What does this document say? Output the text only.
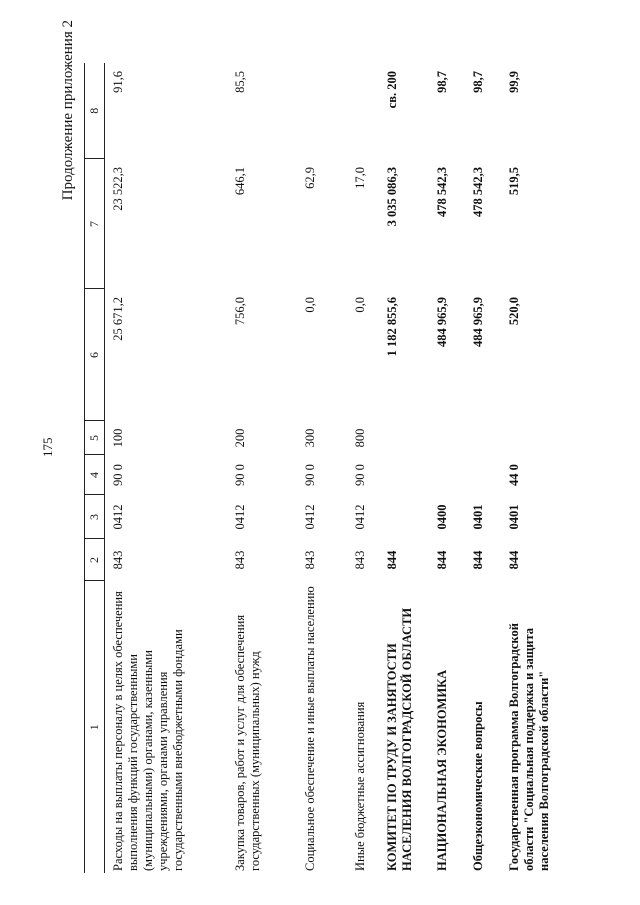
175
Продолжение приложения 2
1	2	3	4	5	6	7	8
Расходы на выплаты персоналу в целях обеспечения выполнения функций государственными (муниципальными) органами, казенными учреждениями, органами управления государственными внебюджетными фондами	843	0412	90 0	100	25 671,2	23 522,3	91,6
Закупка товаров, работ и услуг для обеспечения государственных (муниципальных) нужд	843	0412	90 0	200	756,0	646,1	85,5
Социальное обеспечение и иные выплаты населению	843	0412	90 0	300	0,0	62,9	
Иные бюджетные ассигнования	843	0412	90 0	800	0,0	17,0	
КОМИТЕТ ПО ТРУДУ И ЗАНЯТОСТИ НАСЕЛЕНИЯ ВОЛГОГРАДСКОЙ ОБЛАСТИ	844				1 182 855,6	3 035 086,3	св. 200
НАЦИОНАЛЬНАЯ ЭКОНОМИКА	844	0400			484 965,9	478 542,3	98,7
Общеэкономические вопросы	844	0401			484 965,9	478 542,3	98,7
Государственная программа Волгоградской области "Социальная поддержка и защита населения Волгоградской области"	844	0401	44 0		520,0	519,5	99,9
